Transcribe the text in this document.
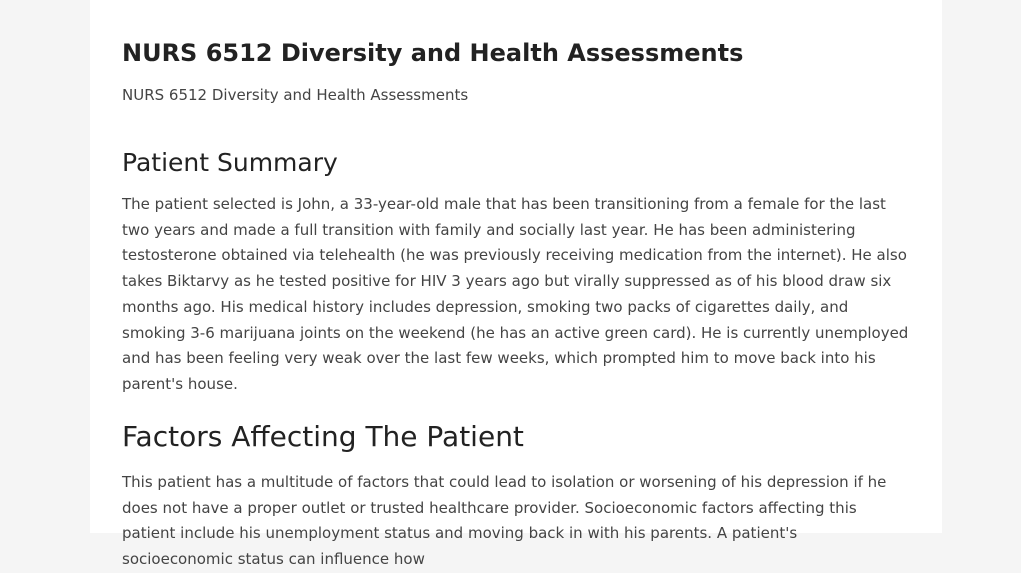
NURS 6512 Diversity and Health Assessments
NURS 6512 Diversity and Health Assessments
Patient Summary

The patient selected is John, a 33-year-old male that has been transitioning from a female for the last two years and made a full transition with family and socially last year. He has been administering testosterone obtained via telehealth (he was previously receiving medication from the internet). He also takes Biktarvy as he tested positive for HIV 3 years ago but virally suppressed as of his blood draw six months ago. His medical history includes depression, smoking two packs of cigarettes daily, and smoking 3-6 marijuana joints on the weekend (he has an active green card). He is currently unemployed and has been feeling very weak over the last few weeks, which prompted him to move back into his parent's house.

Factors Affecting The Patient

This patient has a multitude of factors that could lead to isolation or worsening of his depression if he does not have a proper outlet or trusted healthcare provider. Socioeconomic factors affecting this patient include his unemployment status and moving back in with his parents. A patient's socioeconomic status can influence how
